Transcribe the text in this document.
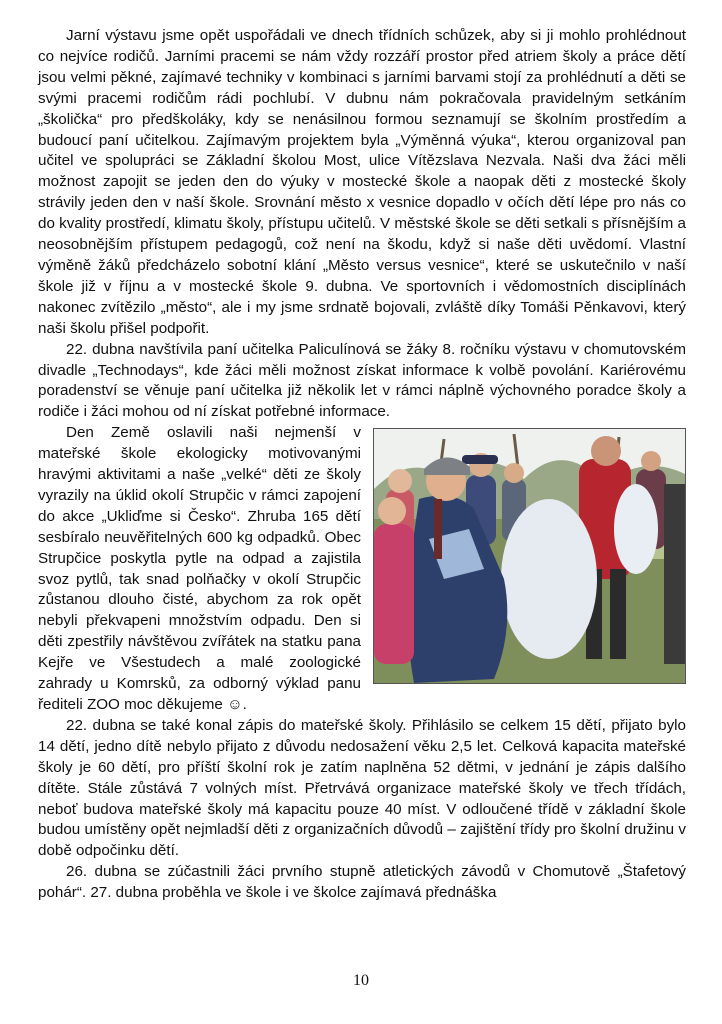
Jarní výstavu jsme opět uspořádali ve dnech třídních schůzek, aby si ji mohlo prohlédnout co nejvíce rodičů. Jarními pracemi se nám vždy rozzáří prostor před atriem školy a práce dětí jsou velmi pěkné, zajímavé techniky v kombinaci s jarními barvami stojí za prohlédnutí a děti se svými pracemi rodičům rádi pochlubí. V dubnu nám pokračovala pravidelným setkáním „školička“ pro předškoláky, kdy se nenásilnou formou seznamují se školním prostředím a budoucí paní učitelkou. Zajímavým projektem byla „Výměnná výuka“, kterou organizoval pan učitel ve spolupráci se Základní školou Most, ulice Vítězslava Nezvala. Naši dva žáci měli možnost zapojit se jeden den do výuky v mostecké škole a naopak děti z mostecké školy strávily jeden den v naší škole. Srovnání město x vesnice dopadlo v očích dětí lépe pro nás co do kvality prostředí, klimatu školy, přístupu učitelů. V městské škole se děti setkali s přísnějším a neosobnějším přístupem pedagogů, což není na škodu, když si naše děti uvědomí. Vlastní výměně žáků předcházelo sobotní klání „Město versus vesnice“, které se uskutečnilo v naší škole již v říjnu a v mostecké škole 9. dubna. Ve sportovních i vědomostních disciplínách nakonec zvítězilo „město“, ale i my jsme srdnatě bojovali, zvláště díky Tomáši Pěnkavovi, který naši školu přišel podpořit.

22. dubna navštívila paní učitelka Paliculínová se žáky 8. ročníku výstavu v chomutovském divadle „Technodays“, kde žáci měli možnost získat informace k volbě povolání. Kariérovému poradenství se věnuje paní učitelka již několik let v rámci náplně výchovného poradce školy a rodiče i žáci mohou od ní získat potřebné informace.

Den Země oslavili naši nejmenší v mateřské škole ekologicky motivovanými hravými aktivitami a naše „velké“ děti ze školy vyrazily na úklid okolí Strupčic v rámci zapojení do akce „Ukliďme si Česko“. Zhruba 165 dětí sesbíralo neuvěřitelných 600 kg odpadků. Obec Strupčice poskytla pytle na odpad a zajistila svoz pytlů, tak snad polňačky v okolí Strupčic zůstanou dlouho čisté, abychom za rok opět nebyli překvapeni množstvím odpadu. Den si děti zpestřily návštěvou zvířátek na statku pana Kejře ve Všestudech a malé zoologické zahrady u Komrsků, za odborný výklad panu řediteli ZOO moc děkujeme ☺.

22. dubna se také konal zápis do mateřské školy. Přihlásilo se celkem 15 dětí, přijato bylo 14 dětí, jedno dítě nebylo přijato z důvodu nedosažení věku 2,5 let. Celková kapacita mateřské školy je 60 dětí, pro příští školní rok je zatím naplněna 52 dětmi, v jednání je zápis dalšího dítěte. Stále zůstává 7 volných míst. Přetrvává organizace mateřské školy ve třech třídách, neboť budova mateřské školy má kapacitu pouze 40 míst. V odloučené třídě v základní škole budou umístěny opět nejmladší děti z organizačních důvodů – zajištění třídy pro školní družinu v době odpočinku dětí.

26. dubna se zúčastnili žáci prvního stupně atletických závodů v Chomutově „Štafetový pohár“. 27. dubna proběhla ve škole i ve školce zajímavá přednáška

10
